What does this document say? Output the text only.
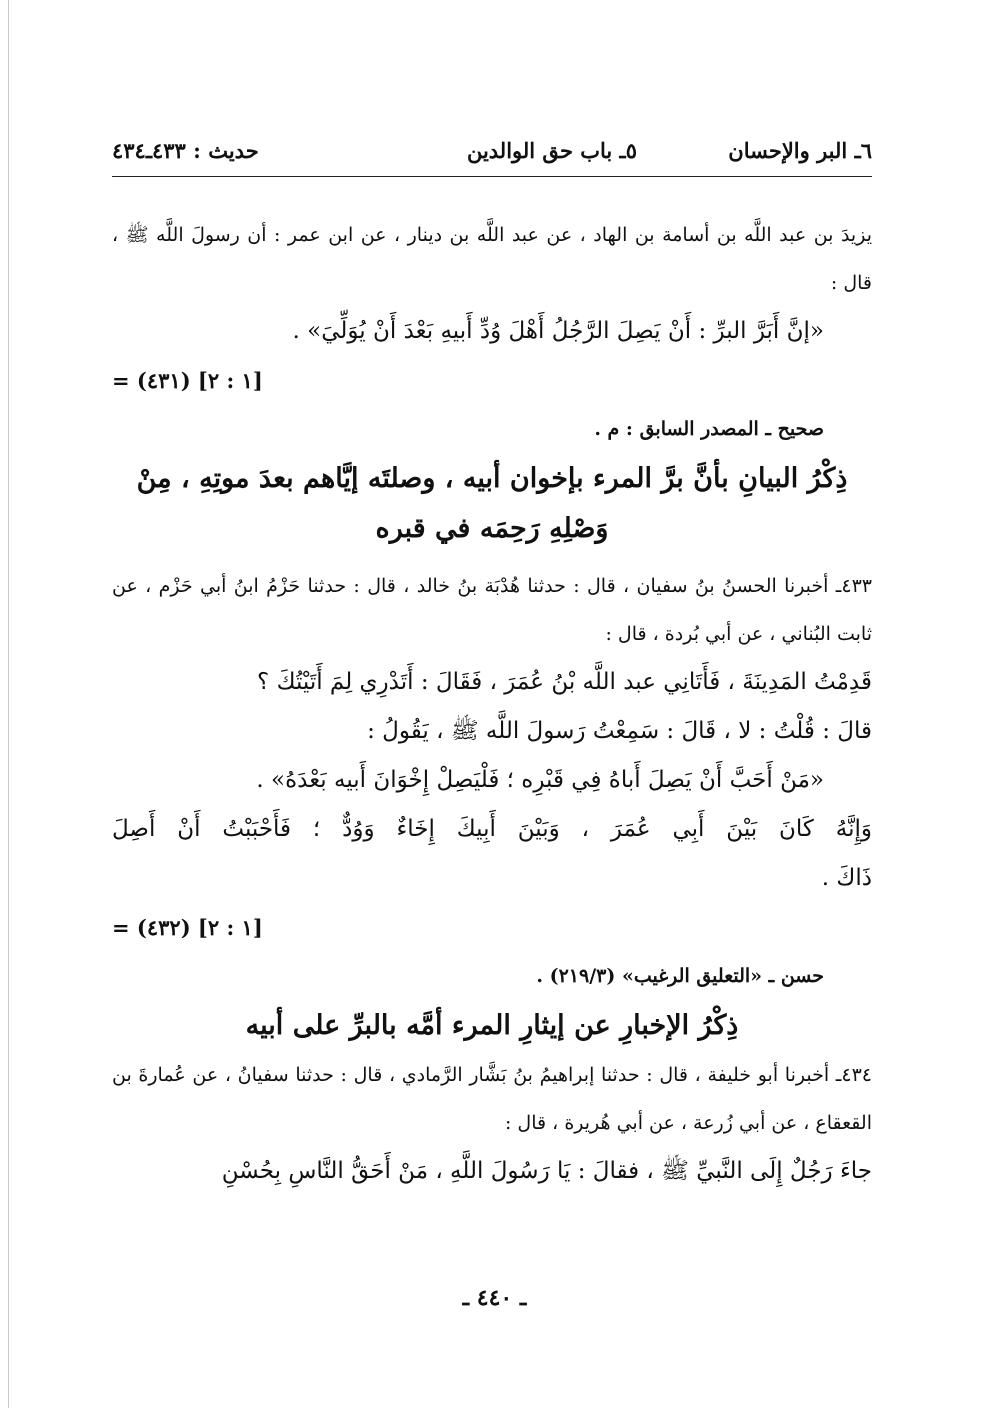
٦ـ البر والإحسان
٥ـ باب حق الوالدين
حديث : ٤٣٣ـ٤٣٤
يزيدَ بن عبد اللَّه بن أسامة بن الهاد ، عن عبد اللَّه بن دينار ، عن ابن عمر : أن رسولَ اللَّه ﷺ ، قال :
«إنَّ أَبَرَّ البرِّ : أَنْ يَصِلَ الرَّجُلُ أَهْلَ وُدِّ أَبيهِ بَعْدَ أَنْ يُوَلِّيَ» .
= (٤٣١) [١ : ٢]
صحيح ـ المصدر السابق : م .
ذِكْرُ البيانِ بأنَّ برَّ المرء بإخوان أبيه ، وصلتَه إيَّاهم بعدَ موتِهِ ، مِنْ وَصْلِهِ رَحِمَه في قبره
٤٣٣ـ أخبرنا الحسنُ بنُ سفيان ، قال : حدثنا هُدْبَة بنُ خالد ، قال : حدثنا حَزْمُ ابنُ أبي حَزْم ، عن ثابت البُناني ، عن أبي بُردة ، قال :
قَدِمْتُ المَدِينَةَ ، فَأَتَانِي عبد اللَّه بْنُ عُمَرَ ، فَقَالَ : أَتَدْرِي لِمَ أَتَيْتُكَ ؟
قالَ : قُلْتُ : لا ، قَالَ : سَمِعْتُ رَسولَ اللَّه ﷺ ، يَقُولُ :
«مَنْ أَحَبَّ أَنْ يَصِلَ أَباهُ فِي قَبْرِه ؛ فَلْيَصِلْ إِخْوَانَ أَبيه بَعْدَهُ» .
وَإِنَّهُ كَانَ بَيْنَ أَبِي عُمَرَ ، وَبَيْنَ أَبِيكَ إِخَاءٌ وَوُدٌّ ؛ فَأَحْبَبْتُ أَنْ أَصِلَ
ذَاكَ .
= (٤٣٢) [١ : ٢]
حسن ـ «التعليق الرغيب» (٢١٩/٣) .
ذِكْرُ الإخبارِ عن إيثارِ المرء أمَّه بالبرِّ على أبيه
٤٣٤ـ أخبرنا أبو خليفة ، قال : حدثنا إبراهيمُ بنُ بَشَّار الرَّمادي ، قال : حدثنا سفيانُ ، عن عُمارةَ بن القعقاع ، عن أبي زُرعة ، عن أبي هُريرة ، قال :
جاءَ رَجُلٌ إِلَى النَّبيِّ ﷺ ، فقالَ : يَا رَسُولَ اللَّهِ ، مَنْ أَحَقُّ النَّاسِ بِحُسْنِ
ـ ٤٤٠ ـ
